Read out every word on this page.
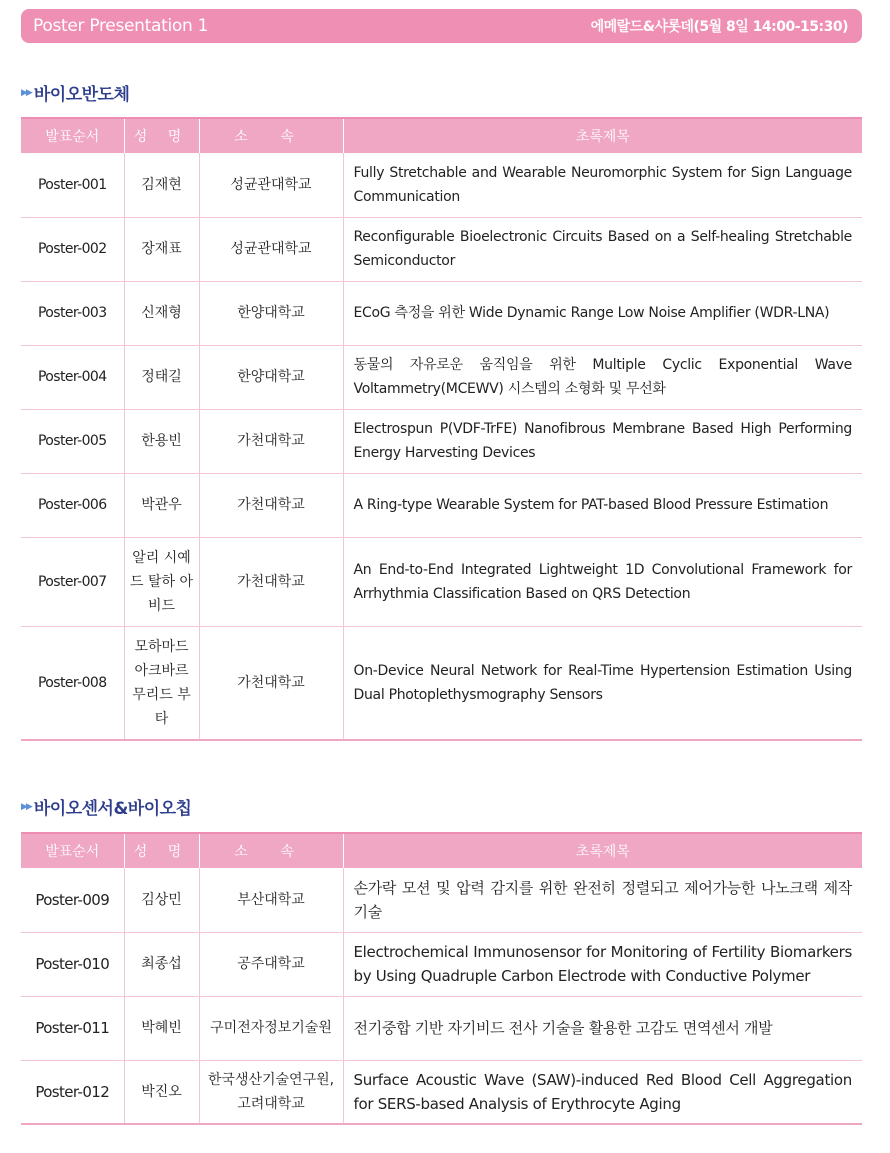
Poster Presentation 1	에메랄드&샤롯데(5월 8일 14:00-15:30)
▶▶ 바이오반도체
발표순서	성 명	소 속	초록제목
Poster-001	김재현	성균관대학교	Fully Stretchable and Wearable Neuromorphic System for Sign Language Communication
Poster-002	장재표	성균관대학교	Reconfigurable Bioelectronic Circuits Based on a Self-healing Stretchable Semiconductor
Poster-003	신재형	한양대학교	ECoG 측정을 위한 Wide Dynamic Range Low Noise Amplifier (WDR-LNA)
Poster-004	정태길	한양대학교	동물의 자유로운 움직임을 위한 Multiple Cyclic Exponential Wave Voltammetry(MCEWV) 시스템의 소형화 및 무선화
Poster-005	한용빈	가천대학교	Electrospun P(VDF-TrFE) Nanofibrous Membrane Based High Performing Energy Harvesting Devices
Poster-006	박관우	가천대학교	A Ring-type Wearable System for PAT-based Blood Pressure Estimation
Poster-007	알리 시예드 탈하 아비드	가천대학교	An End-to-End Integrated Lightweight 1D Convolutional Framework for Arrhythmia Classification Based on QRS Detection
Poster-008	모하마드 아크바르 무리드 부타	가천대학교	On-Device Neural Network for Real-Time Hypertension Estimation Using Dual Photoplethysmography Sensors
▶▶ 바이오센서&바이오칩
발표순서	성 명	소 속	초록제목
Poster-009	김상민	부산대학교	손가락 모션 및 압력 감지를 위한 완전히 정렬되고 제어가능한 나노크랙 제작기술
Poster-010	최종섭	공주대학교	Electrochemical Immunosensor for Monitoring of Fertility Biomarkers by Using Quadruple Carbon Electrode with Conductive Polymer
Poster-011	박혜빈	구미전자정보기술원	전기중합 기반 자기비드 전사 기술을 활용한 고감도 면역센서 개발
Poster-012	박진오	한국생산기술연구원, 고려대학교	Surface Acoustic Wave (SAW)-induced Red Blood Cell Aggregation for SERS-based Analysis of Erythrocyte Aging
